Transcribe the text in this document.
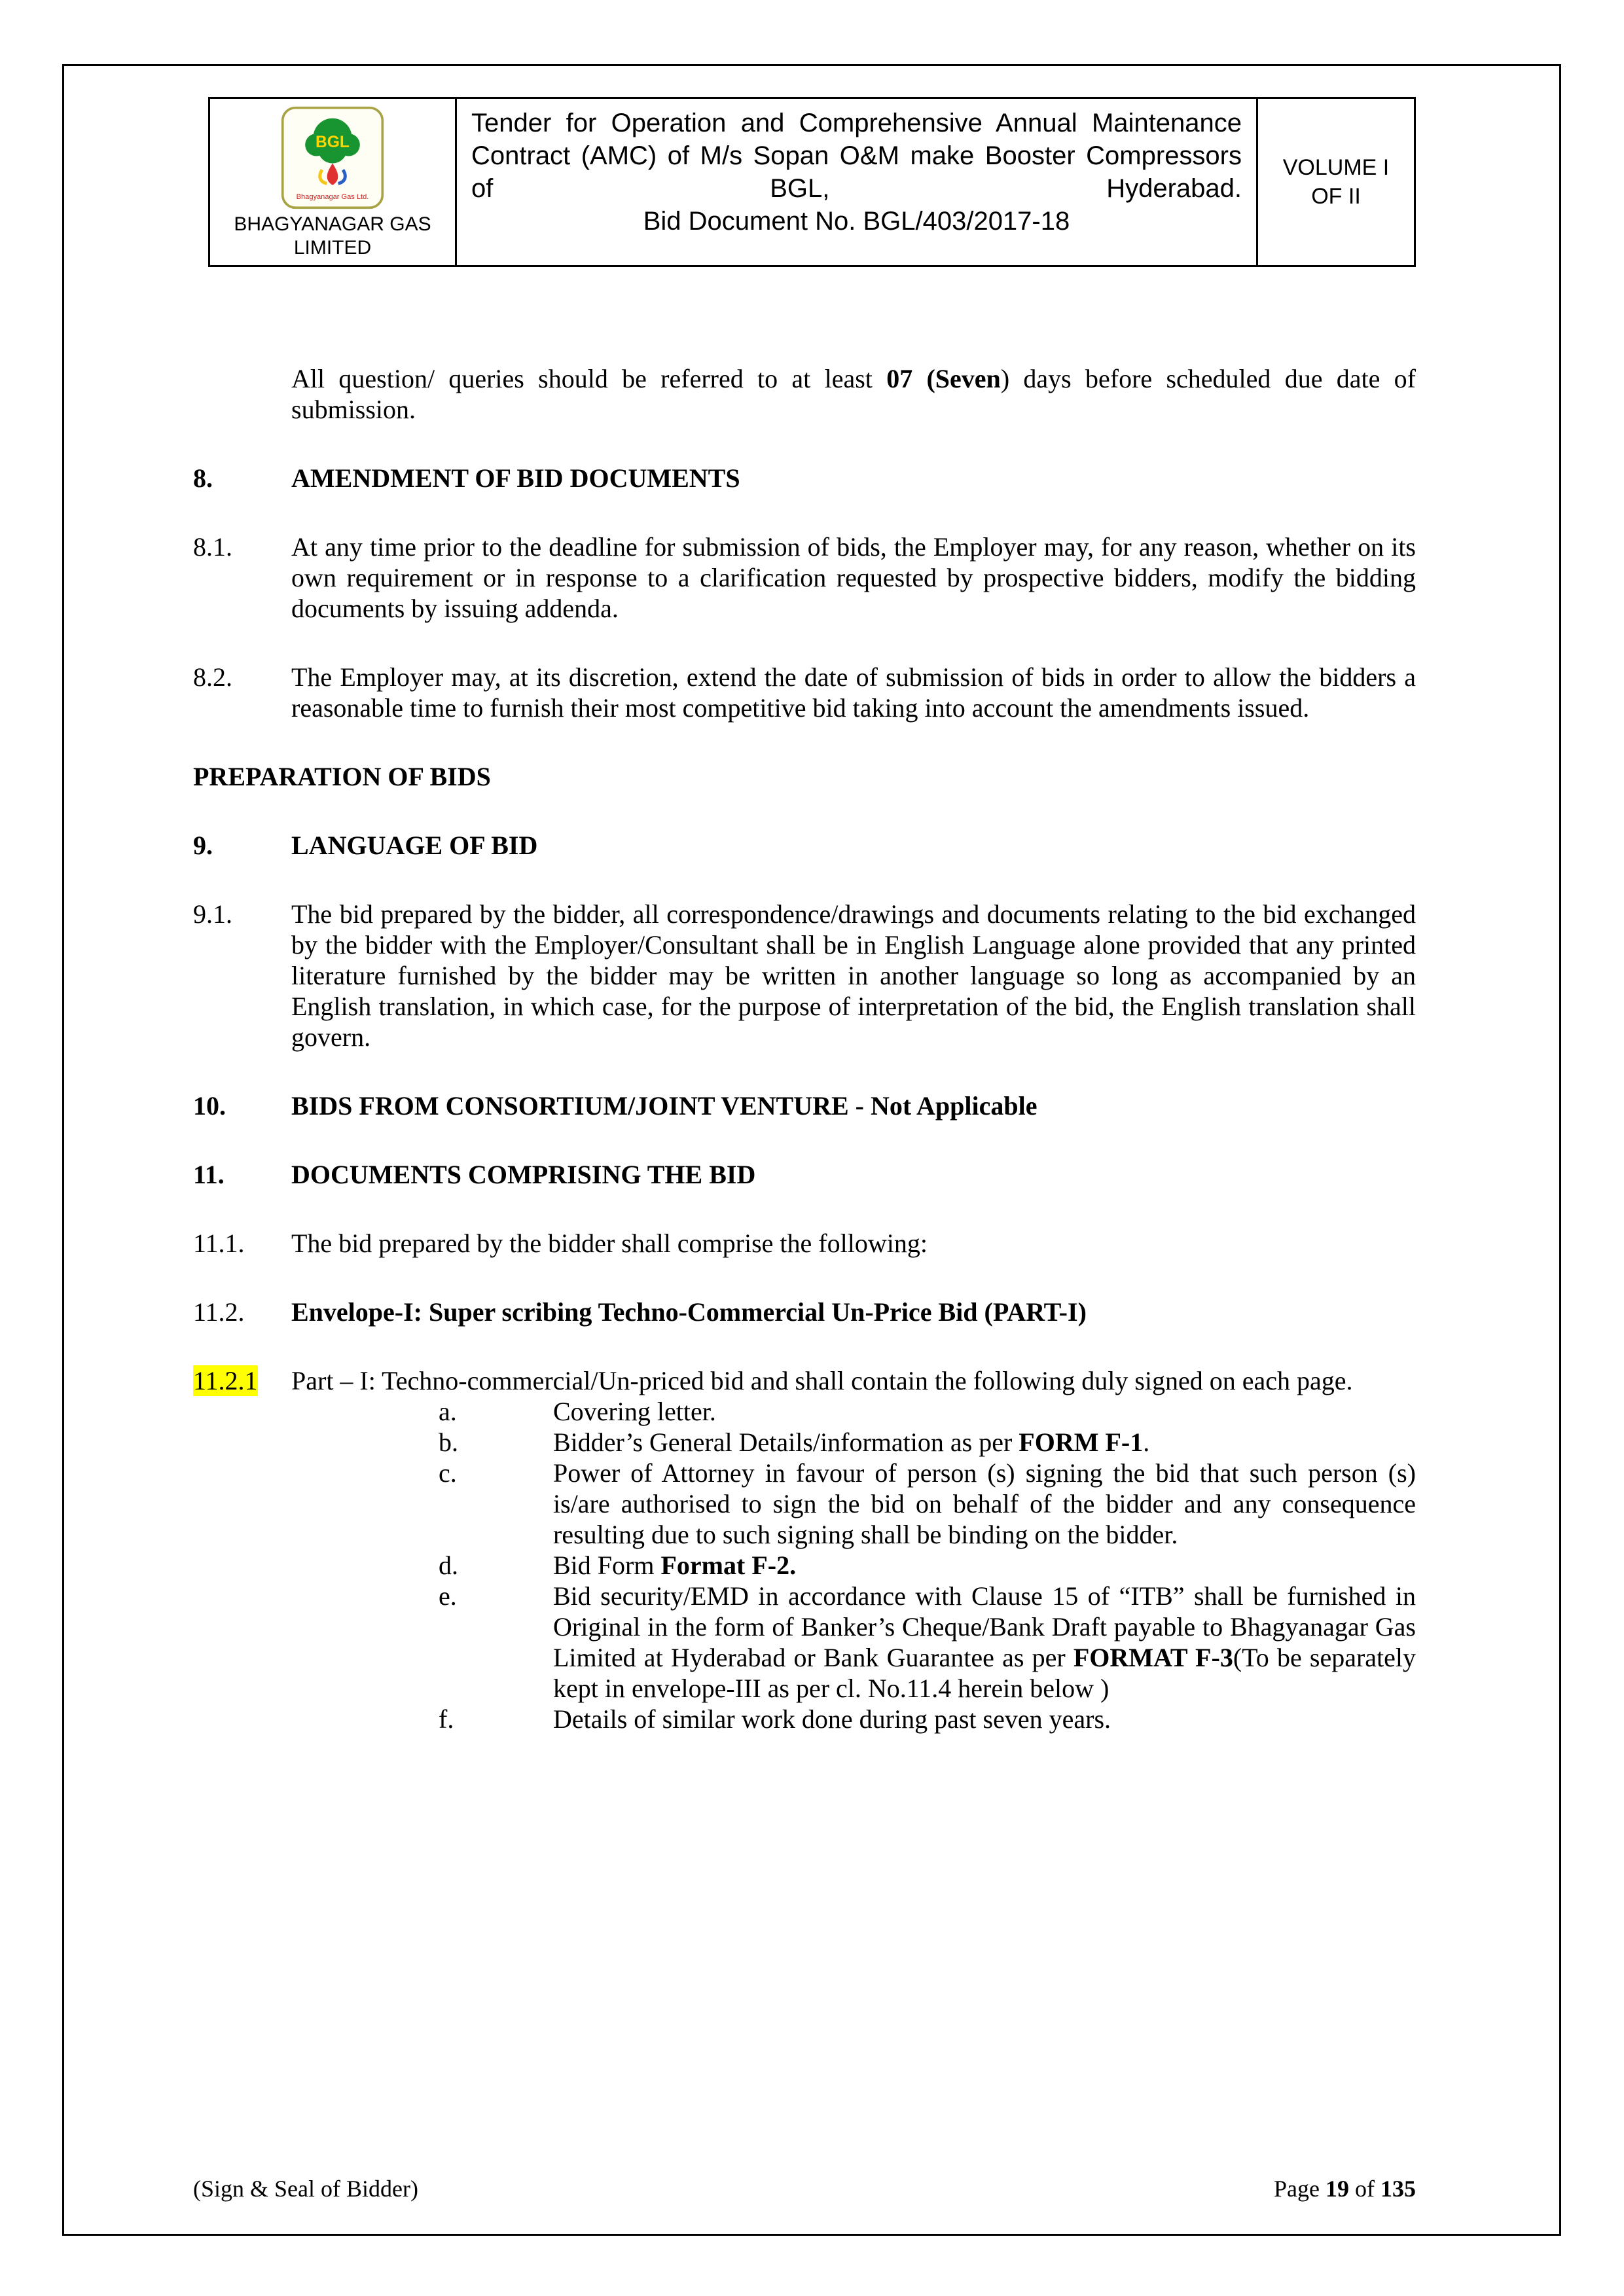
BGL
Bhagyanagar Gas Ltd.
BHAGYANAGAR GAS
LIMITED
Tender for Operation and Comprehensive Annual Maintenance Contract (AMC) of M/s Sopan O&M make Booster Compressors of BGL, Hyderabad.
Bid Document No. BGL/403/2017-18
VOLUME I
OF II
All question/ queries should be referred to at least 07 (Seven) days before scheduled due date of submission.
8.	AMENDMENT OF BID DOCUMENTS
8.1. At any time prior to the deadline for submission of bids, the Employer may, for any reason, whether on its own requirement or in response to a clarification requested by prospective bidders, modify the bidding documents by issuing addenda.
8.2. The Employer may, at its discretion, extend the date of submission of bids in order to allow the bidders a reasonable time to furnish their most competitive bid taking into account the amendments issued.
PREPARATION OF BIDS
9.	LANGUAGE OF BID
9.1. The bid prepared by the bidder, all correspondence/drawings and documents relating to the bid exchanged by the bidder with the Employer/Consultant shall be in English Language alone provided that any printed literature furnished by the bidder may be written in another language so long as accompanied by an English translation, in which case, for the purpose of interpretation of the bid, the English translation shall govern.
10.	BIDS FROM CONSORTIUM/JOINT VENTURE - Not Applicable
11.	DOCUMENTS COMPRISING THE BID
11.1. The bid prepared by the bidder shall comprise the following:
11.2. Envelope-I: Super scribing Techno-Commercial Un-Price Bid (PART-I)
11.2.1 Part – I: Techno-commercial/Un-priced bid and shall contain the following duly signed on each page.
a.	Covering letter.
b.	Bidder’s General Details/information as per FORM F-1.
c.	Power of Attorney in favour of person (s) signing the bid that such person (s) is/are authorised to sign the bid on behalf of the bidder and any consequence resulting due to such signing shall be binding on the bidder.
d.	Bid Form Format F-2.
e.	Bid security/EMD in accordance with Clause 15 of “ITB” shall be furnished in Original in the form of Banker’s Cheque/Bank Draft payable to Bhagyanagar Gas Limited at Hyderabad or Bank Guarantee as per FORMAT F-3(To be separately kept in envelope-III as per cl. No.11.4 herein below )
f.	Details of similar work done during past seven years.
(Sign & Seal of Bidder)	Page 19 of 135
